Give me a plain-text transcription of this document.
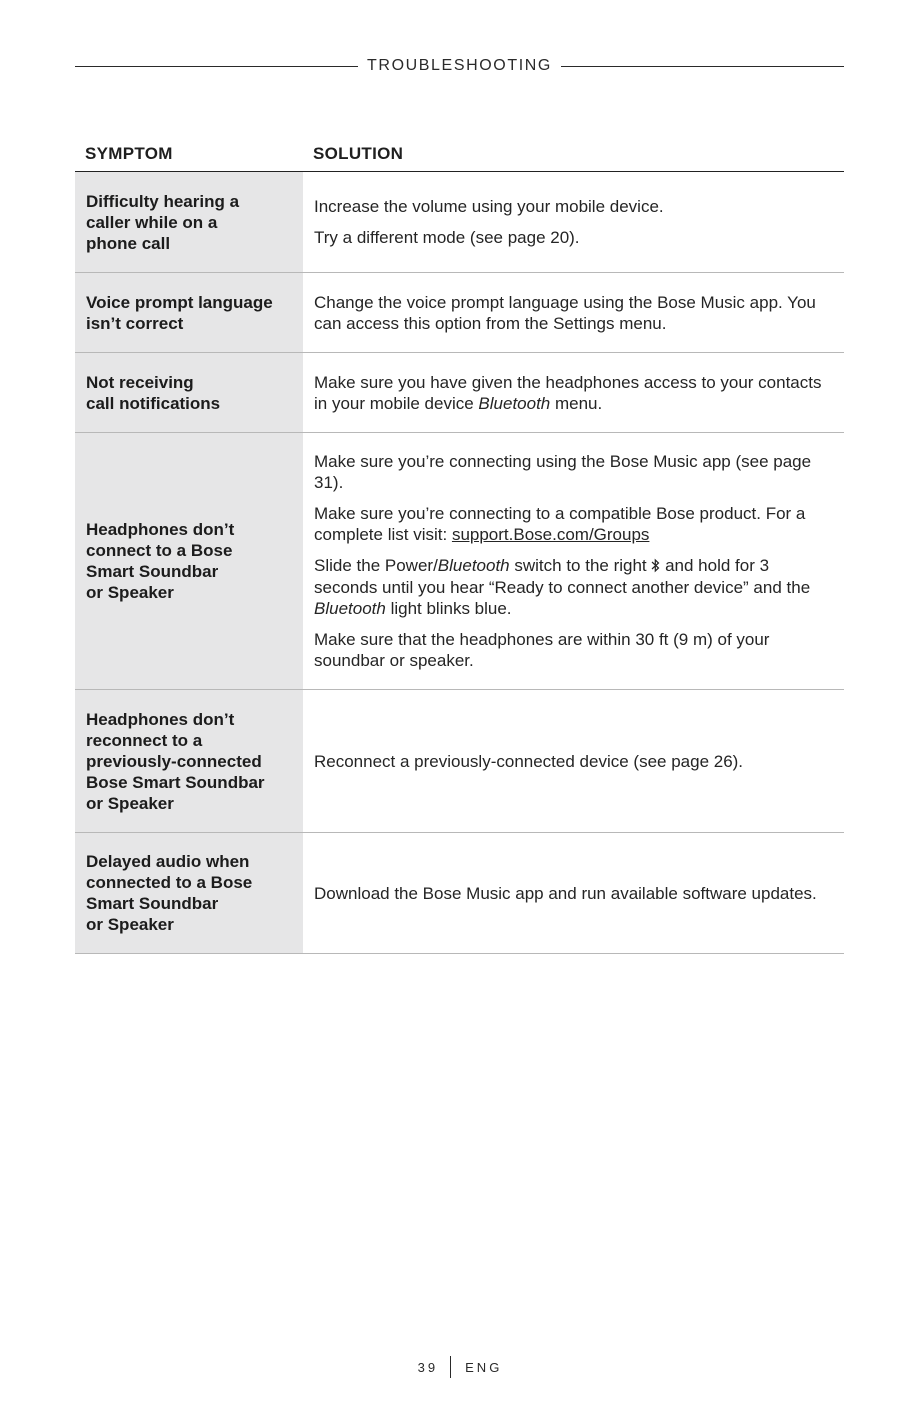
TROUBLESHOOTING
SYMPTOM	SOLUTION
Difficulty hearing a
caller while on a
phone call

Increase the volume using your mobile device.

Try a different mode (see page 20).

Voice prompt language
isn’t correct

Change the voice prompt language using the Bose Music app. You can access this option from the Settings menu.

Not receiving
call notifications

Make sure you have given the headphones access to your contacts in your mobile device Bluetooth menu.

Headphones don’t
connect to a Bose
Smart Soundbar
or Speaker

Make sure you’re connecting using the Bose Music app (see page 31).

Make sure you’re connecting to a compatible Bose product. For a complete list visit: support.Bose.com/Groups

Slide the Power/Bluetooth switch to the right  and hold for 3 seconds until you hear “Ready to connect another device” and the Bluetooth light blinks blue.

Make sure that the headphones are within 30 ft (9 m) of your soundbar or speaker.

Headphones don’t
reconnect to a
previously-connected
Bose Smart Soundbar
or Speaker

Reconnect a previously-connected device (see page 26).

Delayed audio when
connected to a Bose
Smart Soundbar
or Speaker

Download the Bose Music app and run available software updates.

39 ENG
